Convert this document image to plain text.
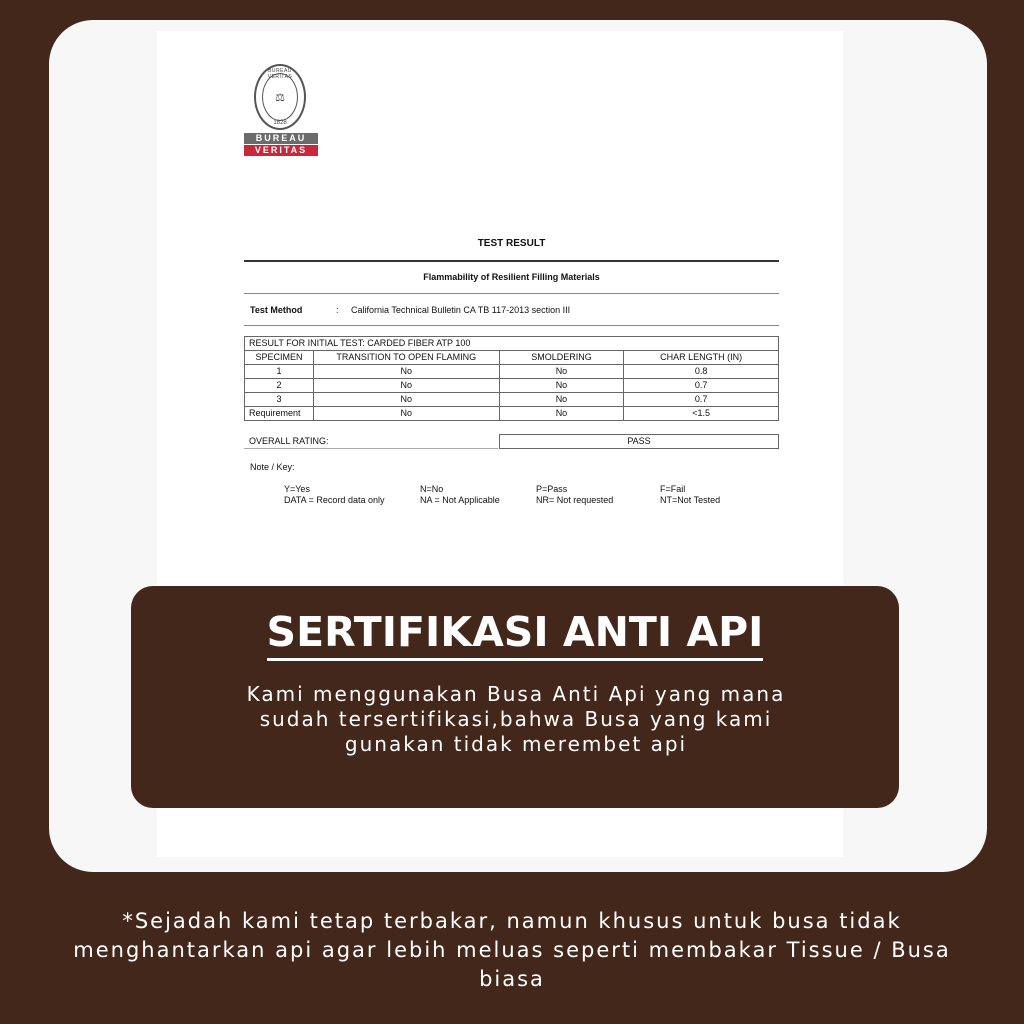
BUREAU VERITAS
⚖
1828
BUREAU
VERITAS
TEST RESULT
Flammability of Resilient Filling Materials
Test Method	: California Technical Bulletin CA TB 117-2013 section III
RESULT FOR INITIAL TEST: CARDED FIBER ATP 100			
SPECIMEN	TRANSITION TO OPEN FLAMING	SMOLDERING	CHAR LENGTH (IN)
1	No	No	0.8
2	No	No	0.7
3	No	No	0.7
Requirement	No	No	<1.5
OVERALL RATING:	PASS
Note / Key:
Y=Yes	N=No	P=Pass	F=Fail
DATA = Record data only	NA = Not Applicable	NR= Not requested	NT=Not Tested
SERTIFIKASI ANTI API
Kami menggunakan Busa Anti Api yang mana sudah tersertifikasi,bahwa Busa yang kami gunakan tidak merembet api
*Sejadah kami tetap terbakar, namun khusus untuk busa tidak menghantarkan api agar lebih meluas seperti membakar Tissue / Busa biasa
